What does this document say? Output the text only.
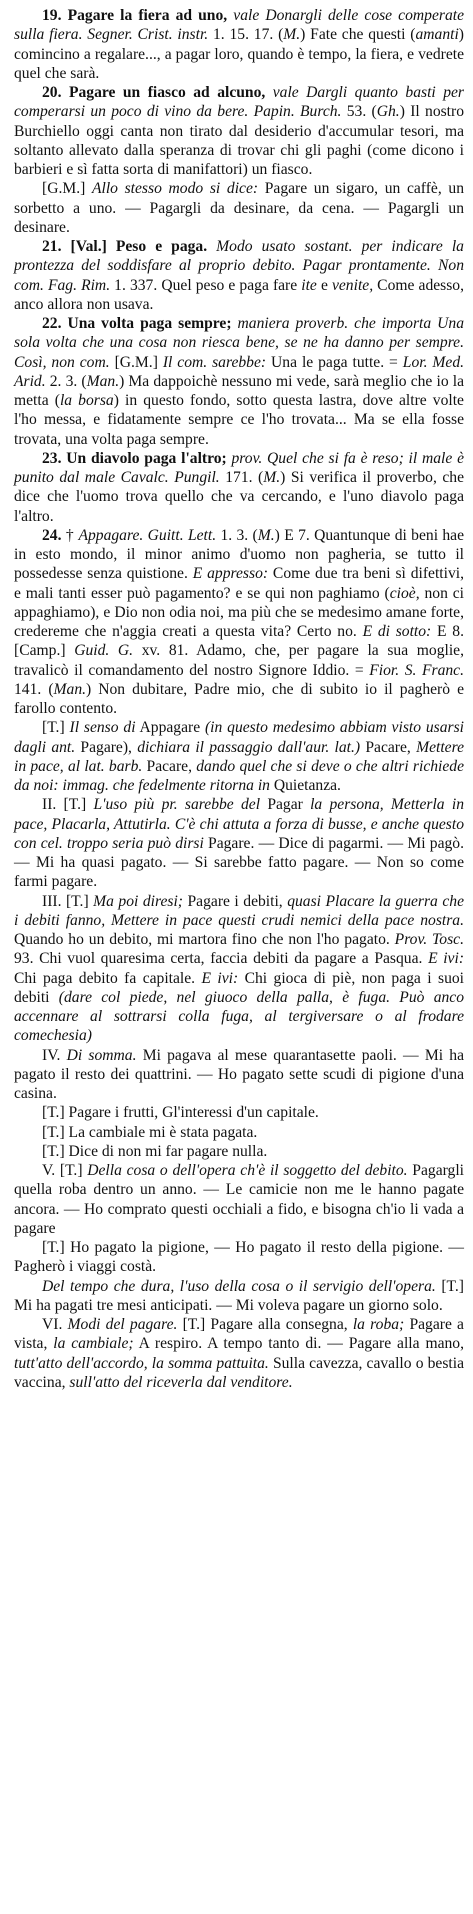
19. Pagare la fiera ad uno, vale Donargli delle cose comperate sulla fiera. Segner. Crist. instr. 1. 15. 17. (M.) Fate che questi (amanti) comincino a regalare..., a pagar loro, quando è tempo, la fiera, e vedrete quel che sarà.

20. Pagare un fiasco ad alcuno, vale Dargli quanto basti per comperarsi un poco di vino da bere. Papin. Burch. 53. (Gh.) Il nostro Burchiello oggi canta non tirato dal desiderio d'accumular tesori, ma soltanto allevato dalla speranza di trovar chi gli paghi (come dicono i barbieri e sì fatta sorta di manifattori) un fiasco.

[G.M.] Allo stesso modo si dice: Pagare un sigaro, un caffè, un sorbetto a uno. — Pagargli da desinare, da cena. — Pagargli un desinare.

21. [Val.] Peso e paga. Modo usato sostant. per indicare la prontezza del soddisfare al proprio debito. Pagar prontamente. Non com. Fag. Rim. 1. 337. Quel peso e paga fare ite e venite, Come adesso, anco allora non usava.

22. Una volta paga sempre; maniera proverb. che importa Una sola volta che una cosa non riesca bene, se ne ha danno per sempre. Così, non com. [G.M.] Il com. sarebbe: Una le paga tutte. = Lor. Med. Arid. 2. 3. (Man.) Ma dappoichè nessuno mi vede, sarà meglio che io la metta (la borsa) in questo fondo, sotto questa lastra, dove altre volte l'ho messa, e fidatamente sempre ce l'ho trovata... Ma se ella fosse trovata, una volta paga sempre.

23. Un diavolo paga l'altro; prov. Quel che si fa è reso; il male è punito dal male Cavalc. Pungil. 171. (M.) Si verifica il proverbo, che dice che l'uomo trova quello che va cercando, e l'uno diavolo paga l'altro.

24. † Appagare. Guitt. Lett. 1. 3. (M.) E 7. Quantunque di beni hae in esto mondo, il minor animo d'uomo non pagheria, se tutto il possedesse senza quistione. E appresso: Come due tra beni sì difettivi, e mali tanti esser può pagamento? e se qui non paghiamo (cioè, non ci appaghiamo), e Dio non odia noi, ma più che se medesimo amane forte, credereme che n'aggia creati a questa vita? Certo no. E di sotto: E 8. [Camp.] Guid. G. xv. 81. Adamo, che, per pagare la sua moglie, travalicò il comandamento del nostro Signore Iddio. = Fior. S. Franc. 141. (Man.) Non dubitare, Padre mio, che di subito io il pagherò e farollo contento.

[T.] Il senso di Appagare (in questo medesimo abbiam visto usarsi dagli ant. Pagare), dichiara il passaggio dall'aur. lat.) Pacare, Mettere in pace, al lat. barb. Pacare, dando quel che si deve o che altri richiede da noi: immag. che fedelmente ritorna in Quietanza.

II. [T.] L'uso più pr. sarebbe del Pagar la persona, Metterla in pace, Placarla, Attutirla. C'è chi attuta a forza di busse, e anche questo con cel. troppo seria può dirsi Pagare. — Dice di pagarmi. — Mi pagò. — Mi ha quasi pagato. — Si sarebbe fatto pagare. — Non so come farmi pagare.

III. [T.] Ma poi diresi; Pagare i debiti, quasi Placare la guerra che i debiti fanno, Mettere in pace questi crudi nemici della pace nostra. Quando ho un debito, mi martora fino che non l'ho pagato. Prov. Tosc. 93. Chi vuol quaresima certa, faccia debiti da pagare a Pasqua. E ivi: Chi paga debito fa capitale. E ivi: Chi gioca di piè, non paga i suoi debiti (dare col piede, nel giuoco della palla, è fuga. Può anco accennare al sottrarsi colla fuga, al tergiversare o al frodare comechesia)

IV. Di somma. Mi pagava al mese quarantasette paoli. — Mi ha pagato il resto dei quattrini. — Ho pagato sette scudi di pigione d'una casina.

[T.] Pagare i frutti, Gl'interessi d'un capitale.

[T.] La cambiale mi è stata pagata.

[T.] Dice di non mi far pagare nulla.

V. [T.] Della cosa o dell'opera ch'è il soggetto del debito. Pagargli quella roba dentro un anno. — Le camicie non me le hanno pagate ancora. — Ho comprato questi occhiali a fido, e bisogna ch'io li vada a pagare

[T.] Ho pagato la pigione, — Ho pagato il resto della pigione. — Pagherò i viaggi costà.

Del tempo che dura, l'uso della cosa o il servigio dell'opera. [T.] Mi ha pagati tre mesi anticipati. — Mi voleva pagare un giorno solo.

VI. Modi del pagare. [T.] Pagare alla consegna, la roba; Pagare a vista, la cambiale; A respiro. A tempo tanto di. — Pagare alla mano, tutt'atto dell'accordo, la somma pattuita. Sulla cavezza, cavallo o bestia vaccina, sull'atto del riceverla dal venditore.
